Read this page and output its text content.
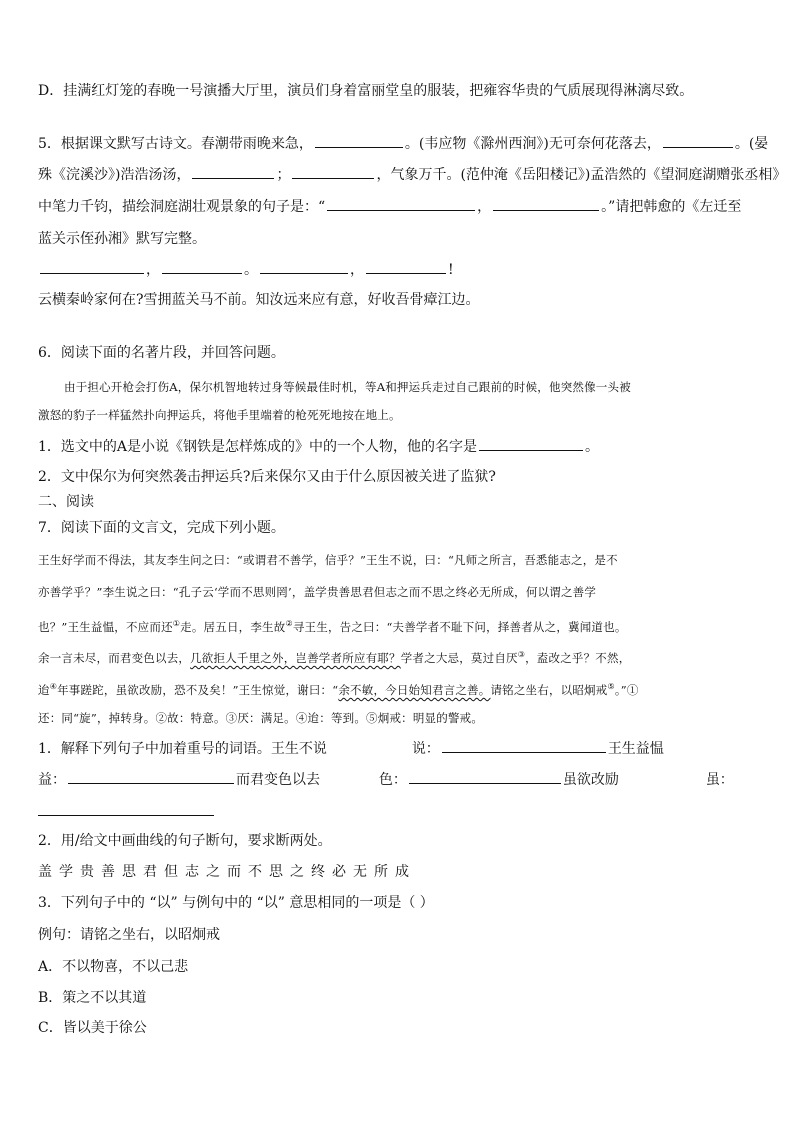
D．挂满红灯笼的春晚一号演播大厅里，演员们身着富丽堂皇的服装，把雍容华贵的气质展现得淋漓尽致。
5．根据课文默写古诗文。春潮带雨晚来急，	。(韦应物《滁州西涧》)无可奈何花落去，	。(晏
殊《浣溪沙》)浩浩汤汤，	；	，气象万千。(范仲淹《岳阳楼记》)孟浩然的《望洞庭湖赠张丞相》
中笔力千钧，描绘洞庭湖壮观景象的句子是：“	，	。”请把韩愈的《左迁至
蓝关示侄孙湘》默写完整。
，	。	，	!
云横秦岭家何在?雪拥蓝关马不前。知汝远来应有意，好收吾骨瘴江边。
6．阅读下面的名著片段，并回答问题。
由于担心开枪会打伤A，保尔机智地转过身等候最佳时机，等A和押运兵走过自己跟前的时候，他突然像一头被
激怒的豹子一样猛然扑向押运兵，将他手里端着的枪死死地按在地上。
1．选文中的A是小说《钢铁是怎样炼成的》中的一个人物，他的名字是	。
2．文中保尔为何突然袭击押运兵?后来保尔又由于什么原因被关进了监狱?
二、阅读
7．阅读下面的文言文，完成下列小题。
王生好学而不得法，其友李生问之曰：“或谓君不善学，信乎？”王生不说，曰：“凡师之所言，吾悉能志之，是不
亦善学乎？”李生说之曰：“孔子云‘学而不思则罔’，盖学贵善思君但志之而不思之终必无所成，何以谓之善学
也？”王生益愠，不应而还①走。居五日，李生故②寻王生，告之曰：“夫善学者不耻下问，择善者从之，冀闻道也。
余一言未尽，而君变色以去，几欲拒人千里之外，岂善学者所应有耶？学者之大忌，莫过自厌③，盍改之乎？不然，
迨④年事蹉跎，虽欲改励，恐不及矣！”王生惊觉，谢曰：“余不敏，今日始知君言之善。请铭之坐右，以昭炯戒⑤。”①
还：同“旋”，掉转身。②故：特意。③厌：满足。④迨：等到。⑤炯戒：明显的警戒。
1．解释下列句子中加着重号的词语。王生不说	说：	王生益愠
益：	而君变色以去	色：	虽欲改励	虽：
2．用/给文中画曲线的句子断句，要求断两处。
盖学贵善思君但志之而不思之终必无所成
3．下列句子中的 “以” 与例句中的 “以” 意思相同的一项是（ ）
例句：请铭之坐右，以昭炯戒
A．不以物喜，不以己悲
B．策之不以其道
C．皆以美于徐公
